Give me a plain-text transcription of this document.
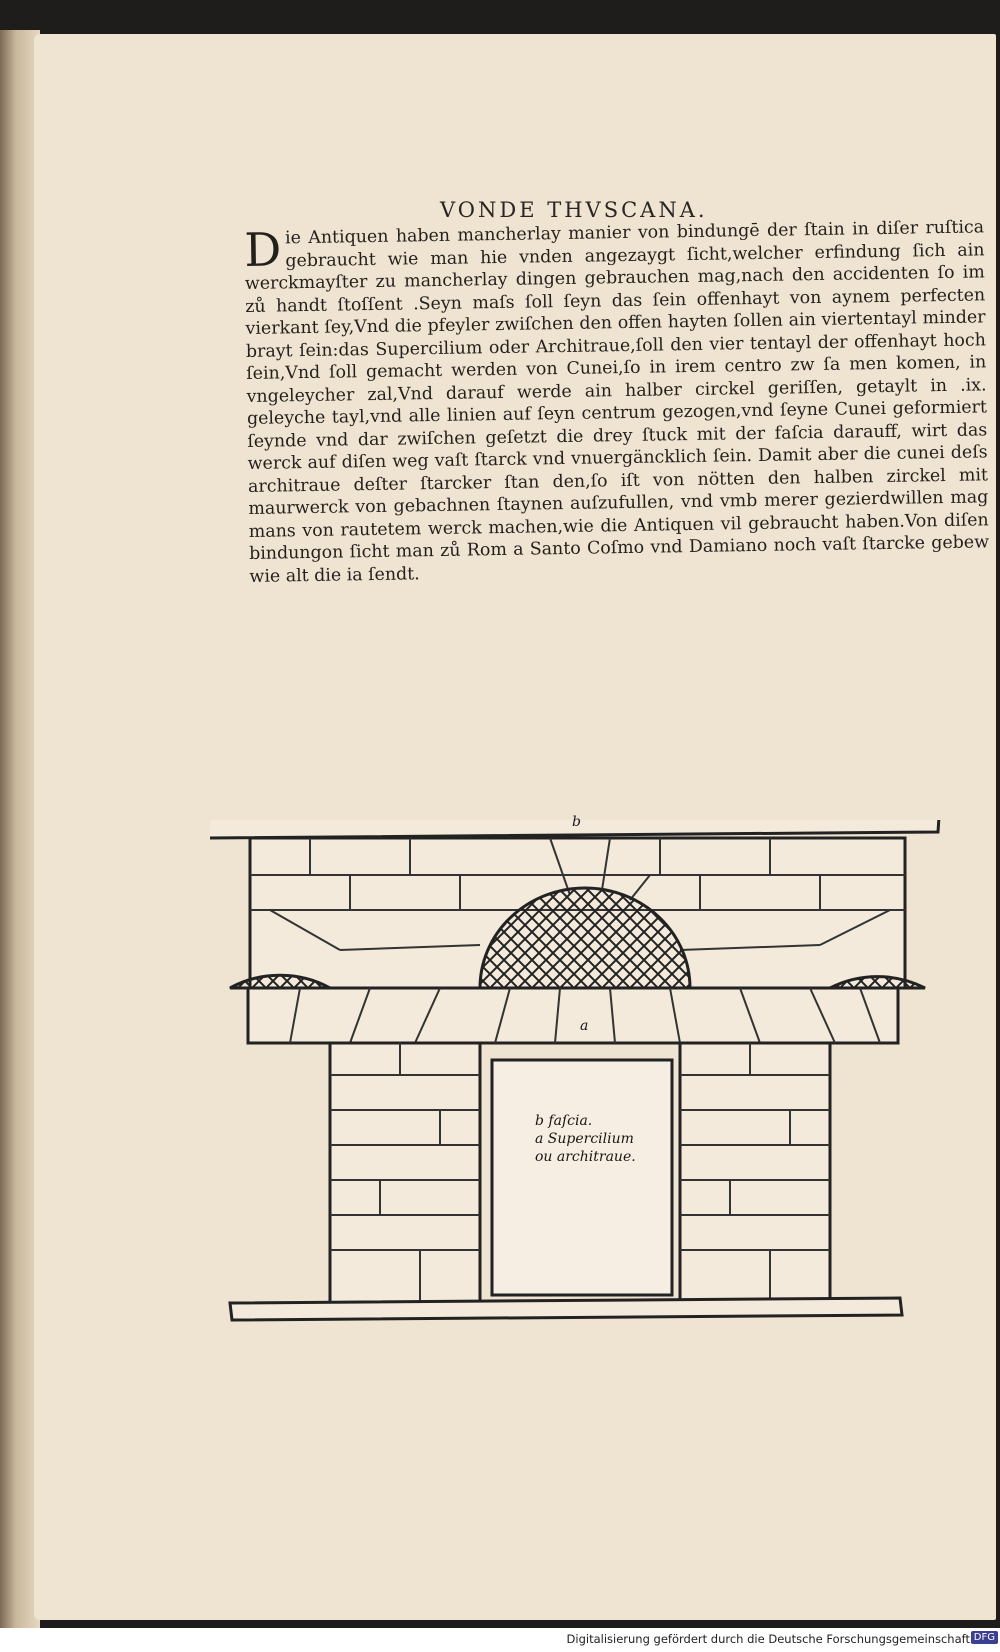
VONDE THVSCANA.
D ie Antiquen haben mancherlay manier von bindungē der ſtain in diſer ruſtica gebraucht wie man hie vnden angezaygt ſicht,welcher erfindung ſich ain werckmayſter zu mancherlay dingen gebrauchen mag,nach den accidenten ſo im zů handt ſtoſſent .Seyn maſs ſoll ſeyn das ſein offenhayt von aynem perfecten vierkant ſey,Vnd die pfeyler zwiſchen den offen hayten ſollen ain viertentayl minder brayt ſein:das Supercilium oder Architraue,ſoll den vier tentayl der offenhayt hoch ſein,Vnd ſoll gemacht werden von Cunei,ſo in irem centro zw ſa men komen, in vngeleycher zal,Vnd darauf werde ain halber circkel geriſſen, getaylt in .ix. geleyche tayl,vnd alle linien auf ſeyn centrum gezogen,vnd ſeyne Cunei geformiert ſeynde vnd dar zwiſchen geſetzt die drey ſtuck mit der faſcia darauff, wirt das werck auf diſen weg vaſt ſtarck vnd vnuergäncklich ſein. Damit aber die cunei deſs architraue deſter ſtarcker ſtan den,ſo iſt von nötten den halben zirckel mit maurwerck von gebachnen ſtaynen auſzufullen, vnd vmb merer gezierdwillen mag mans von rautetem werck machen,wie die Antiquen vil gebraucht haben.Von diſen bindungon ſicht man zů Rom a Santo Coſmo vnd Damiano noch vaſt ſtarcke gebew wie alt die ia ſendt.
b
a
b faſcia.
a Supercilium
ou architraue.
Digitalisierung gefördert durch die Deutsche Forschungsgemeinschaft DFG
